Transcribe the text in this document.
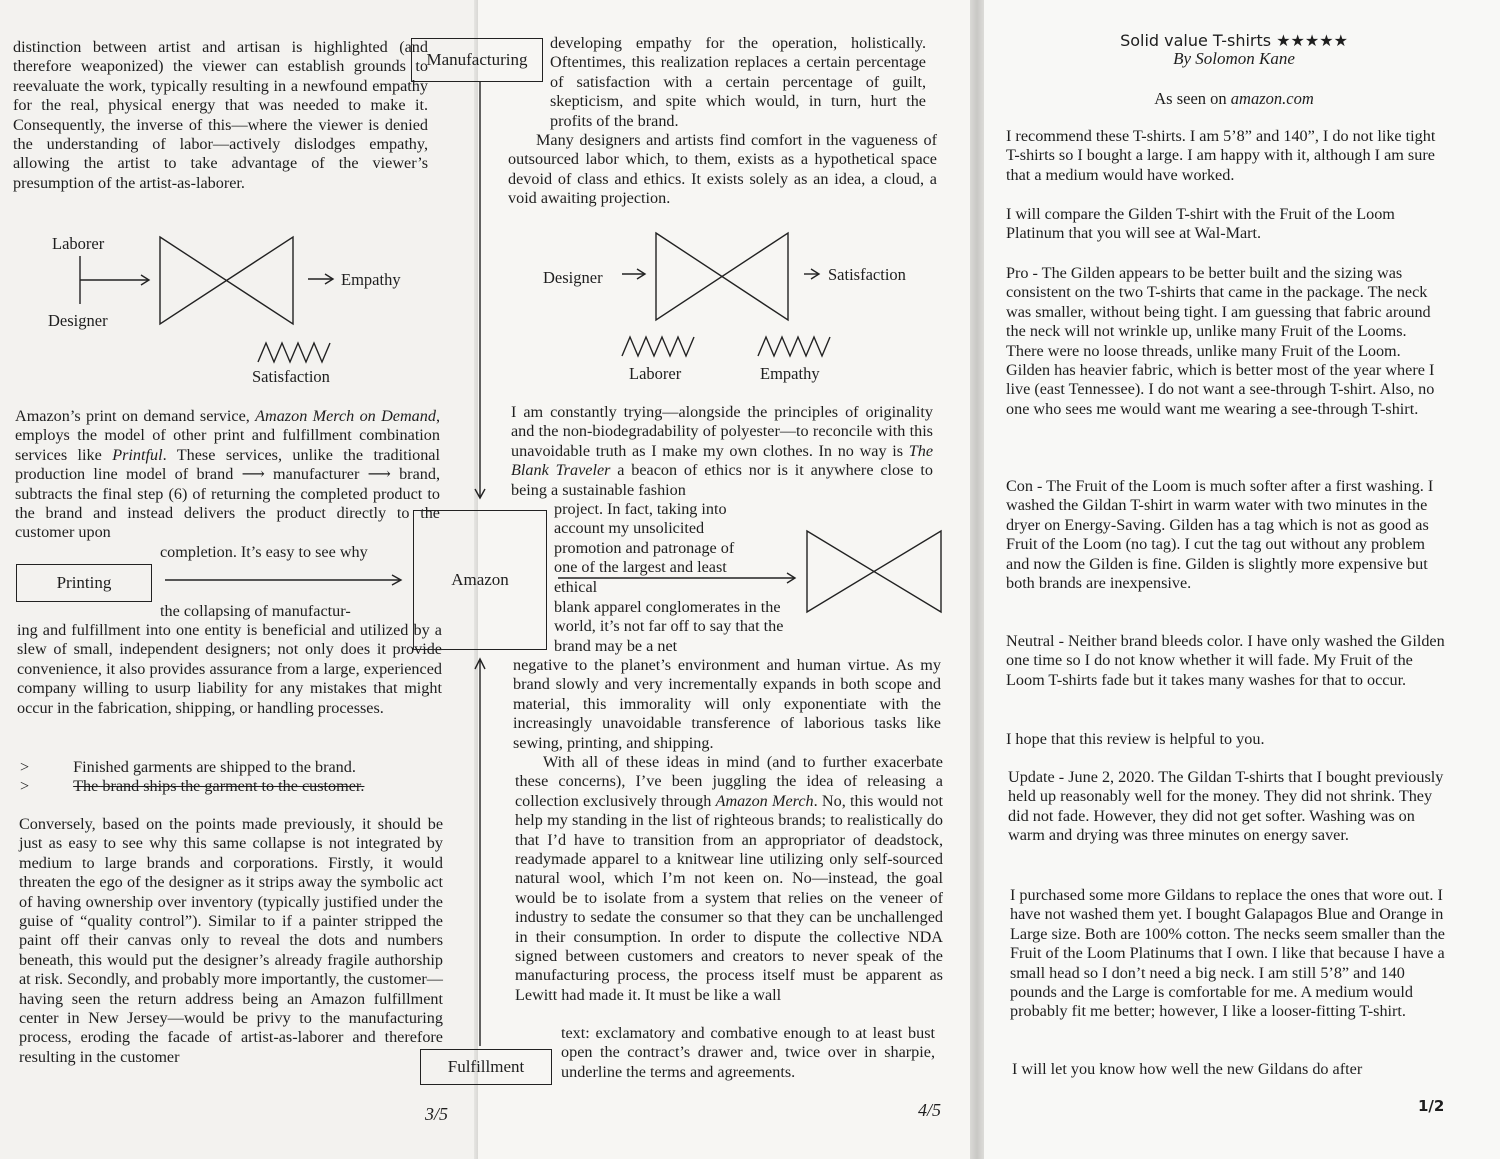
distinction between artist and artisan is highlighted (and therefore weaponized) the viewer can establish grounds to reevaluate the work, typically resulting in a newfound empathy for the real, physical energy that was needed to make it. Consequently, the inverse of this—where the viewer is denied the understanding of labor—actively dislodges empathy, allowing the artist to take advantage of the viewer’s presumption of the artist-as-laborer.
Laborer
Designer
Empathy
Satisfaction
Amazon’s print on demand service, Amazon Merch on Demand, employs the model of other print and fulfillment combination services like Printful. These services, unlike the traditional production line model of brand ⟶ manufacturer ⟶ brand, subtracts the final step (6) of returning the completed product to the brand and instead delivers the product directly to the customer upon
completion. It’s easy to see why
Printing
the collapsing of manufactur-
ing and fulfillment into one entity is beneficial and utilized by a slew of small, independent designers; not only does it provide convenience, it also provides assurance from a large, experienced company willing to usurp liability for any mistakes that might occur in the fabrication, shipping, or handling processes.
>	Finished garments are shipped to the brand.
>	The brand ships the garment to the customer.
Conversely, based on the points made previously, it should be just as easy to see why this same collapse is not integrated by medium to large brands and corporations. Firstly, it would threaten the ego of the designer as it strips away the symbolic act of having ownership over inventory (typically justified under the guise of “quality control”). Similar to if a painter stripped the paint off their canvas only to reveal the dots and numbers beneath, this would put the designer’s already fragile authorship at risk. Secondly, and probably more importantly, the customer—having seen the return address being an Amazon fulfillment center in New Jersey—would be privy to the manufacturing process, eroding the facade of artist-as-laborer and therefore resulting in the customer
3/5
developing empathy for the operation, holistically. Oftentimes, this realization replaces a certain percentage of satisfaction with a certain percentage of guilt, skepticism, and spite which would, in turn, hurt the profits of the brand.
Many designers and artists find comfort in the vagueness of outsourced labor which, to them, exists as a hypothetical space devoid of class and ethics. It exists solely as an idea, a cloud, a void awaiting projection.
Designer	Satisfaction
Laborer	Empathy
I am constantly trying—alongside the principles of originality and the non-biodegradability of polyester—to reconcile with this unavoidable truth as I make my own clothes. In no way is The Blank Traveler a beacon of ethics nor is it anywhere close to being a sustainable fashion
project. In fact, taking into account my unsolicited promotion and patronage of one of the largest and least ethical
blank apparel conglomerates in the world, it’s not far off to say that the brand may be a net
negative to the planet’s environment and human virtue. As my brand slowly and very incrementally expands in both scope and material, this immorality will only exponentiate with the increasingly unavoidable transference of laborious tasks like sewing, printing, and shipping.
With all of these ideas in mind (and to further exacerbate these concerns), I’ve been juggling the idea of releasing a collection exclusively through Amazon Merch. No, this would not help my standing in the list of righteous brands; to realistically do that I’d have to transition from an appropriator of deadstock, readymade apparel to a knitwear line utilizing only self-sourced natural wool, which I’m not keen on. No—instead, the goal would be to isolate from a system that relies on the veneer of industry to sedate the consumer so that they can be unchallenged in their consumption. In order to dispute the collective NDA signed between customers and creators to never speak of the manufacturing process, the process itself must be apparent as Lewitt had made it. It must be like a wall
text: exclamatory and combative enough to at least bust open the contract’s drawer and, twice over in sharpie, underline the terms and agreements.
4/5
Manufacturing
Amazon
Fulfillment
Solid value T-shirts ★★★★★
By Solomon Kane
As seen on amazon.com
I recommend these T-shirts. I am 5’8” and 140”, I do not like tight T-shirts so I bought a large. I am happy with it, although I am sure that a medium would have worked.
I will compare the Gilden T-shirt with the Fruit of the Loom Platinum that you will see at Wal-Mart.
Pro - The Gilden appears to be better built and the sizing was consistent on the two T-shirts that came in the package. The neck was smaller, without being tight. I am guessing that fabric around the neck will not wrinkle up, unlike many Fruit of the Looms. There were no loose threads, unlike many Fruit of the Loom. Gilden has heavier fabric, which is better most of the year where I live (east Tennessee). I do not want a see-through T-shirt. Also, no one who sees me would want me wearing a see-through T-shirt.
Con - The Fruit of the Loom is much softer after a first washing. I washed the Gildan T-shirt in warm water with two minutes in the dryer on Energy-Saving. Gilden has a tag which is not as good as Fruit of the Loom (no tag). I cut the tag out without any problem and now the Gilden is fine. Gilden is slightly more expensive but both brands are inexpensive.
Neutral - Neither brand bleeds color. I have only washed the Gilden one time so I do not know whether it will fade. My Fruit of the Loom T-shirts fade but it takes many washes for that to occur.
I hope that this review is helpful to you.
Update - June 2, 2020. The Gildan T-shirts that I bought previously held up reasonably well for the money. They did not shrink. They did not fade. However, they did not get softer. Washing was on warm and drying was three minutes on energy saver.
I purchased some more Gildans to replace the ones that wore out. I have not washed them yet. I bought Galapagos Blue and Orange in Large size. Both are 100% cotton. The necks seem smaller than the Fruit of the Loom Platinums that I own. I like that because I have a small head so I don’t need a big neck. I am still 5’8” and 140 pounds and the Large is comfortable for me. A medium would probably fit me better; however, I like a looser-fitting T-shirt.
I will let you know how well the new Gildans do after
1/2
